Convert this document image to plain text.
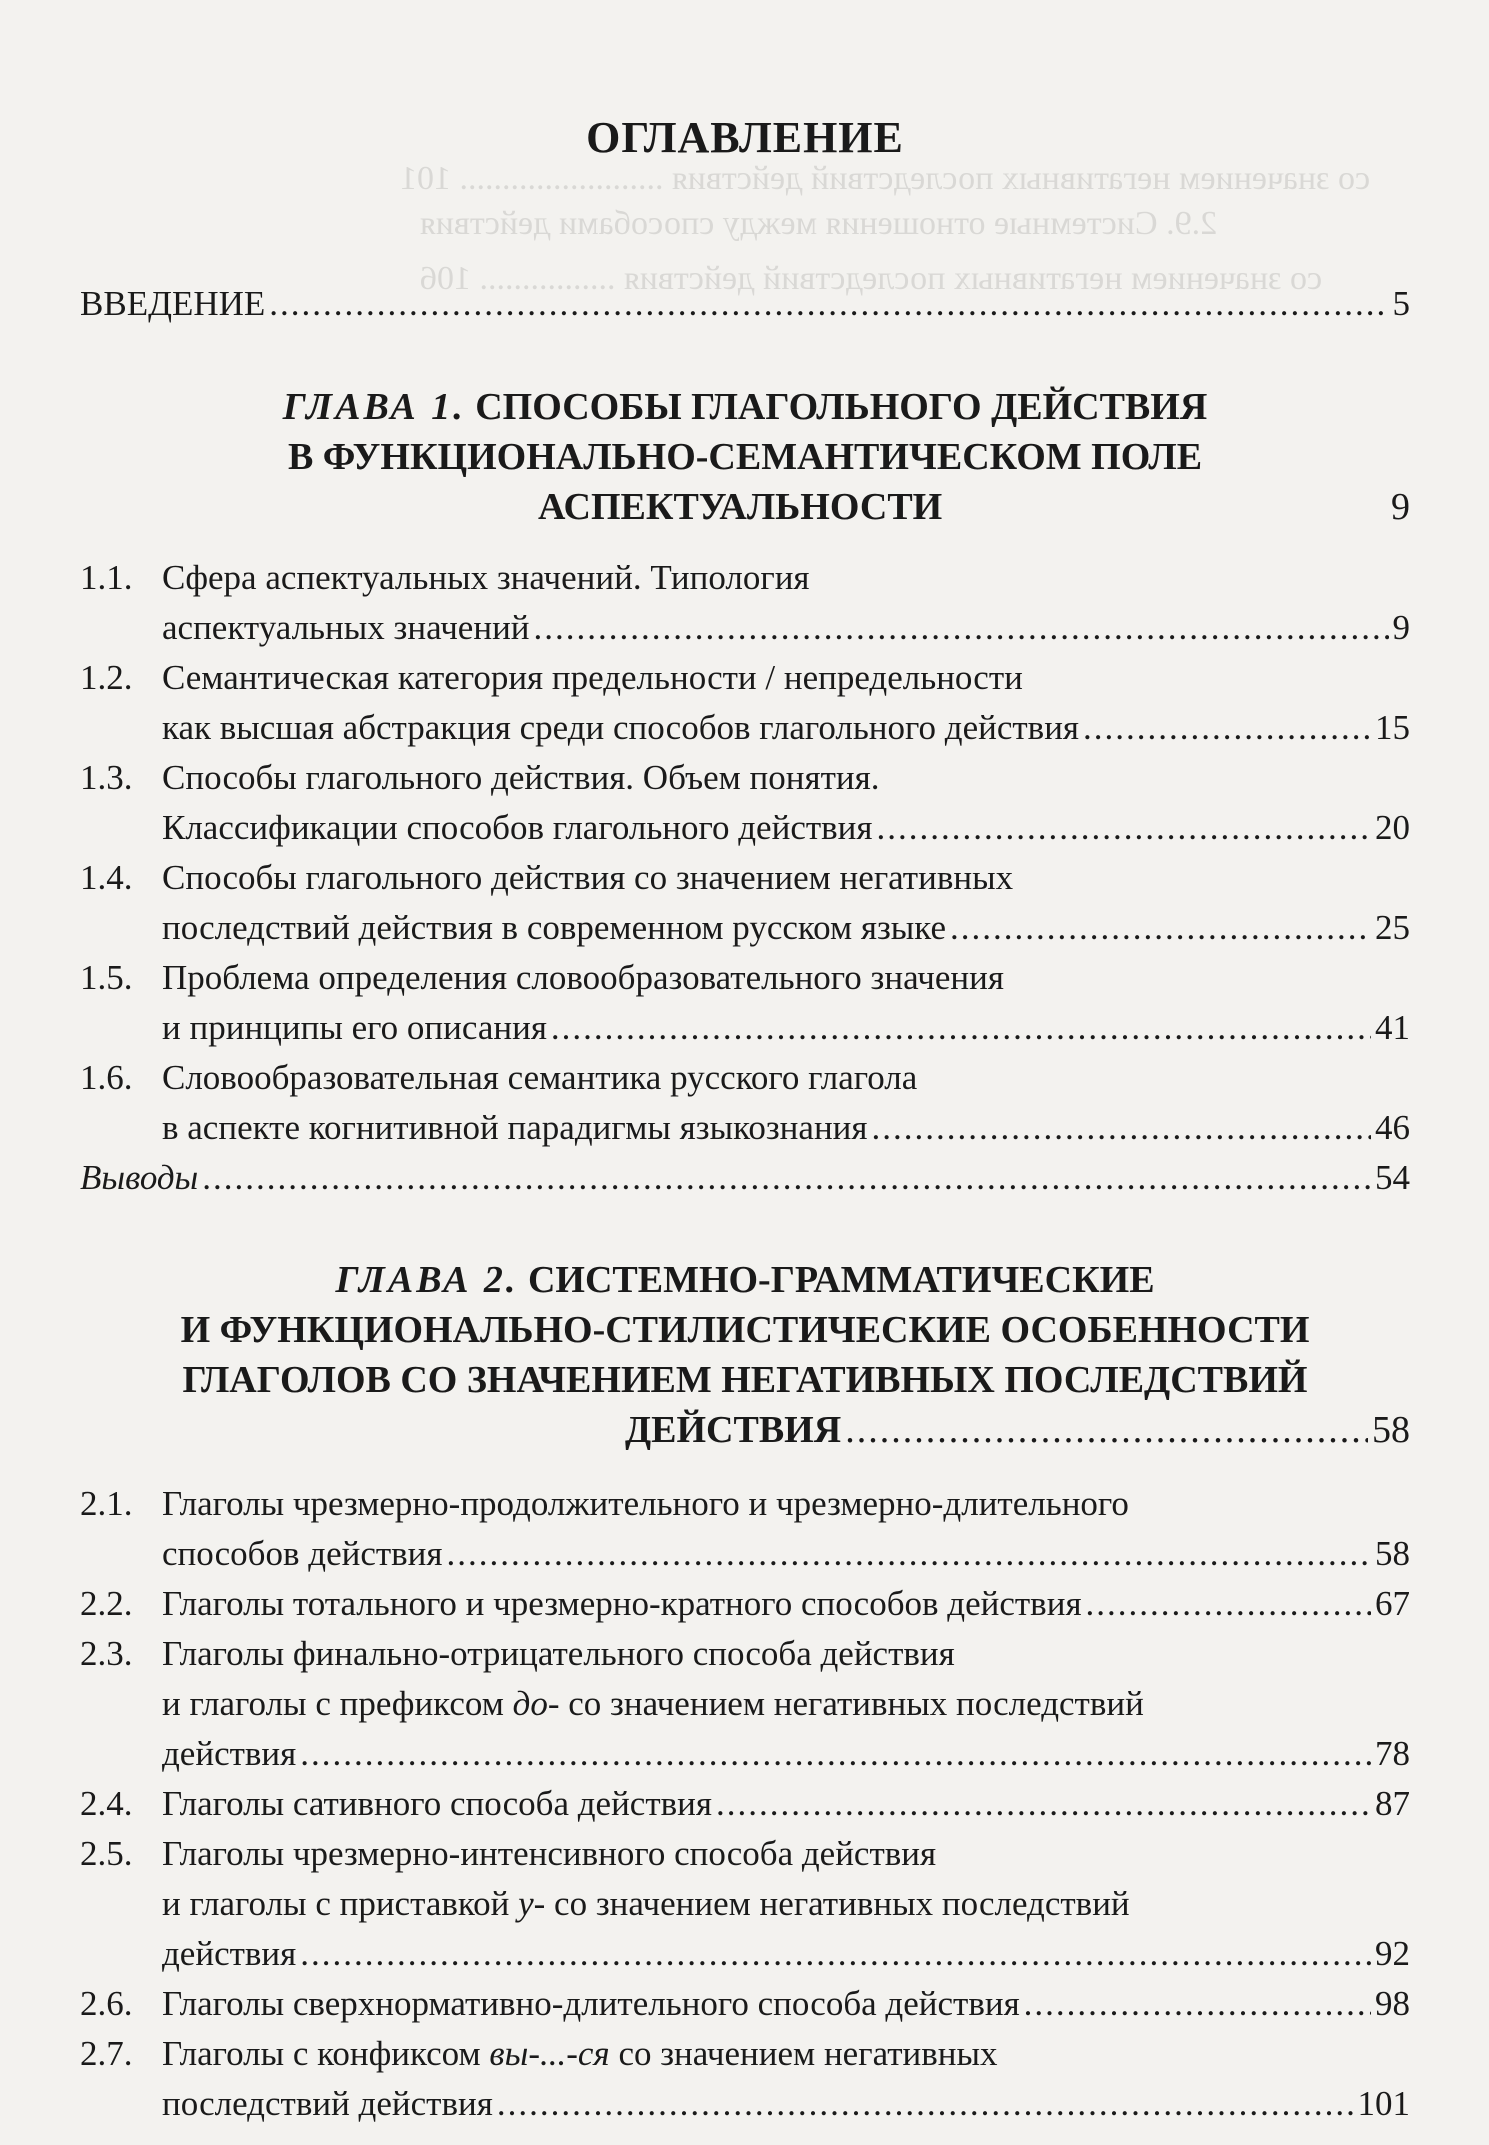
со значением негативных последствий действия ........................ 101
2.9. Системные отношения между способами действия
со значением негативных последствий действия ................ 106
ОГЛАВЛЕНИЕ
ВВЕДЕНИЕ .....	5
ГЛАВА 1. СПОСОБЫ ГЛАГОЛЬНОГО ДЕЙСТВИЯ
В ФУНКЦИОНАЛЬНО-СЕМАНТИЧЕСКОМ ПОЛЕ
АСПЕКТУАЛЬНОСТИ	9
1.1. Сфера аспектуальных значений. Типология
аспектуальных значений .....	9
1.2. Семантическая категория предельности / непредельности
как высшая абстракция среди способов глагольного действия .....	15
1.3. Способы глагольного действия. Объем понятия.
Классификации способов глагольного действия .....	20
1.4. Способы глагольного действия со значением негативных
последствий действия в современном русском языке .....	25
1.5. Проблема определения словообразовательного значения
и принципы его описания .....	41
1.6. Словообразовательная семантика русского глагола
в аспекте когнитивной парадигмы языкознания .....	46
Выводы .....	54
ГЛАВА 2. СИСТЕМНО-ГРАММАТИЧЕСКИЕ
И ФУНКЦИОНАЛЬНО-СТИЛИСТИЧЕСКИЕ ОСОБЕННОСТИ
ГЛАГОЛОВ СО ЗНАЧЕНИЕМ НЕГАТИВНЫХ ПОСЛЕДСТВИЙ
ДЕЙСТВИЯ .....	58
2.1. Глаголы чрезмерно-продолжительного и чрезмерно-длительного
способов действия .....	58
2.2. Глаголы тотального и чрезмерно-кратного способов действия .....	67
2.3. Глаголы финально-отрицательного способа действия
и глаголы с префиксом до- со значением негативных последствий
действия .....	78
2.4. Глаголы сативного способа действия .....	87
2.5. Глаголы чрезмерно-интенсивного способа действия
и глаголы с приставкой у- со значением негативных последствий
действия .....	92
2.6. Глаголы сверхнормативно-длительного способа действия .....	98
2.7. Глаголы с конфиксом вы-...-ся со значением негативных
последствий действия .....	101
